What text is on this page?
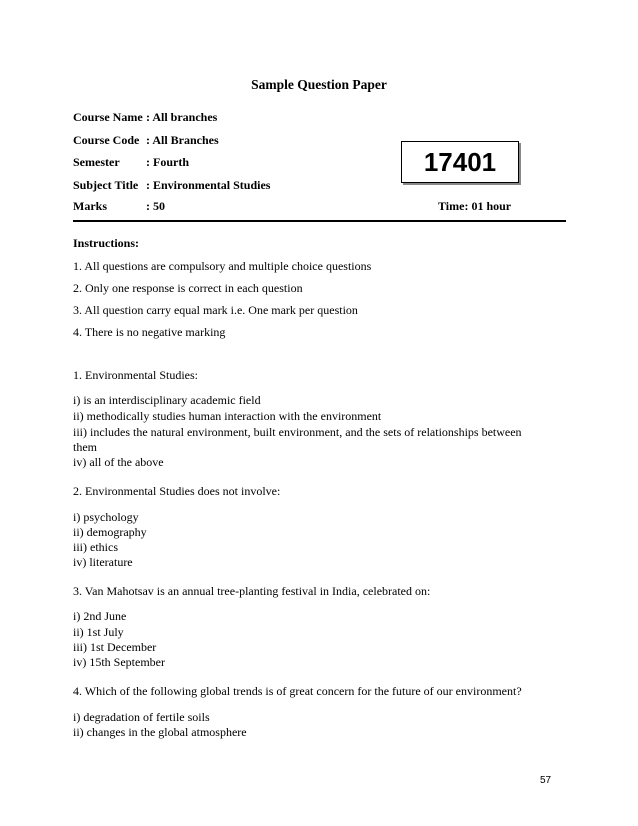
Sample Question Paper
Course Name : All branches
Course Code : All Branches
Semester : Fourth
Subject Title : Environmental Studies
Marks	: 50	Time: 01 hour
17401
Instructions:
1. All questions are compulsory and multiple choice questions
2. Only one response is correct in each question
3. All question carry equal mark i.e. One mark per question
4. There is no negative marking
1. Environmental Studies:
i) is an interdisciplinary academic field
ii) methodically studies human interaction with the environment
iii) includes the natural environment, built environment, and the sets of relationships between
them
iv) all of the above
2. Environmental Studies does not involve:
i) psychology
ii) demography
iii) ethics
iv) literature
3. Van Mahotsav is an annual tree-planting festival in India, celebrated on:
i) 2nd June
ii) 1st July
iii) 1st December
iv) 15th September
4. Which of the following global trends is of great concern for the future of our environment?
i) degradation of fertile soils
ii) changes in the global atmosphere
57
